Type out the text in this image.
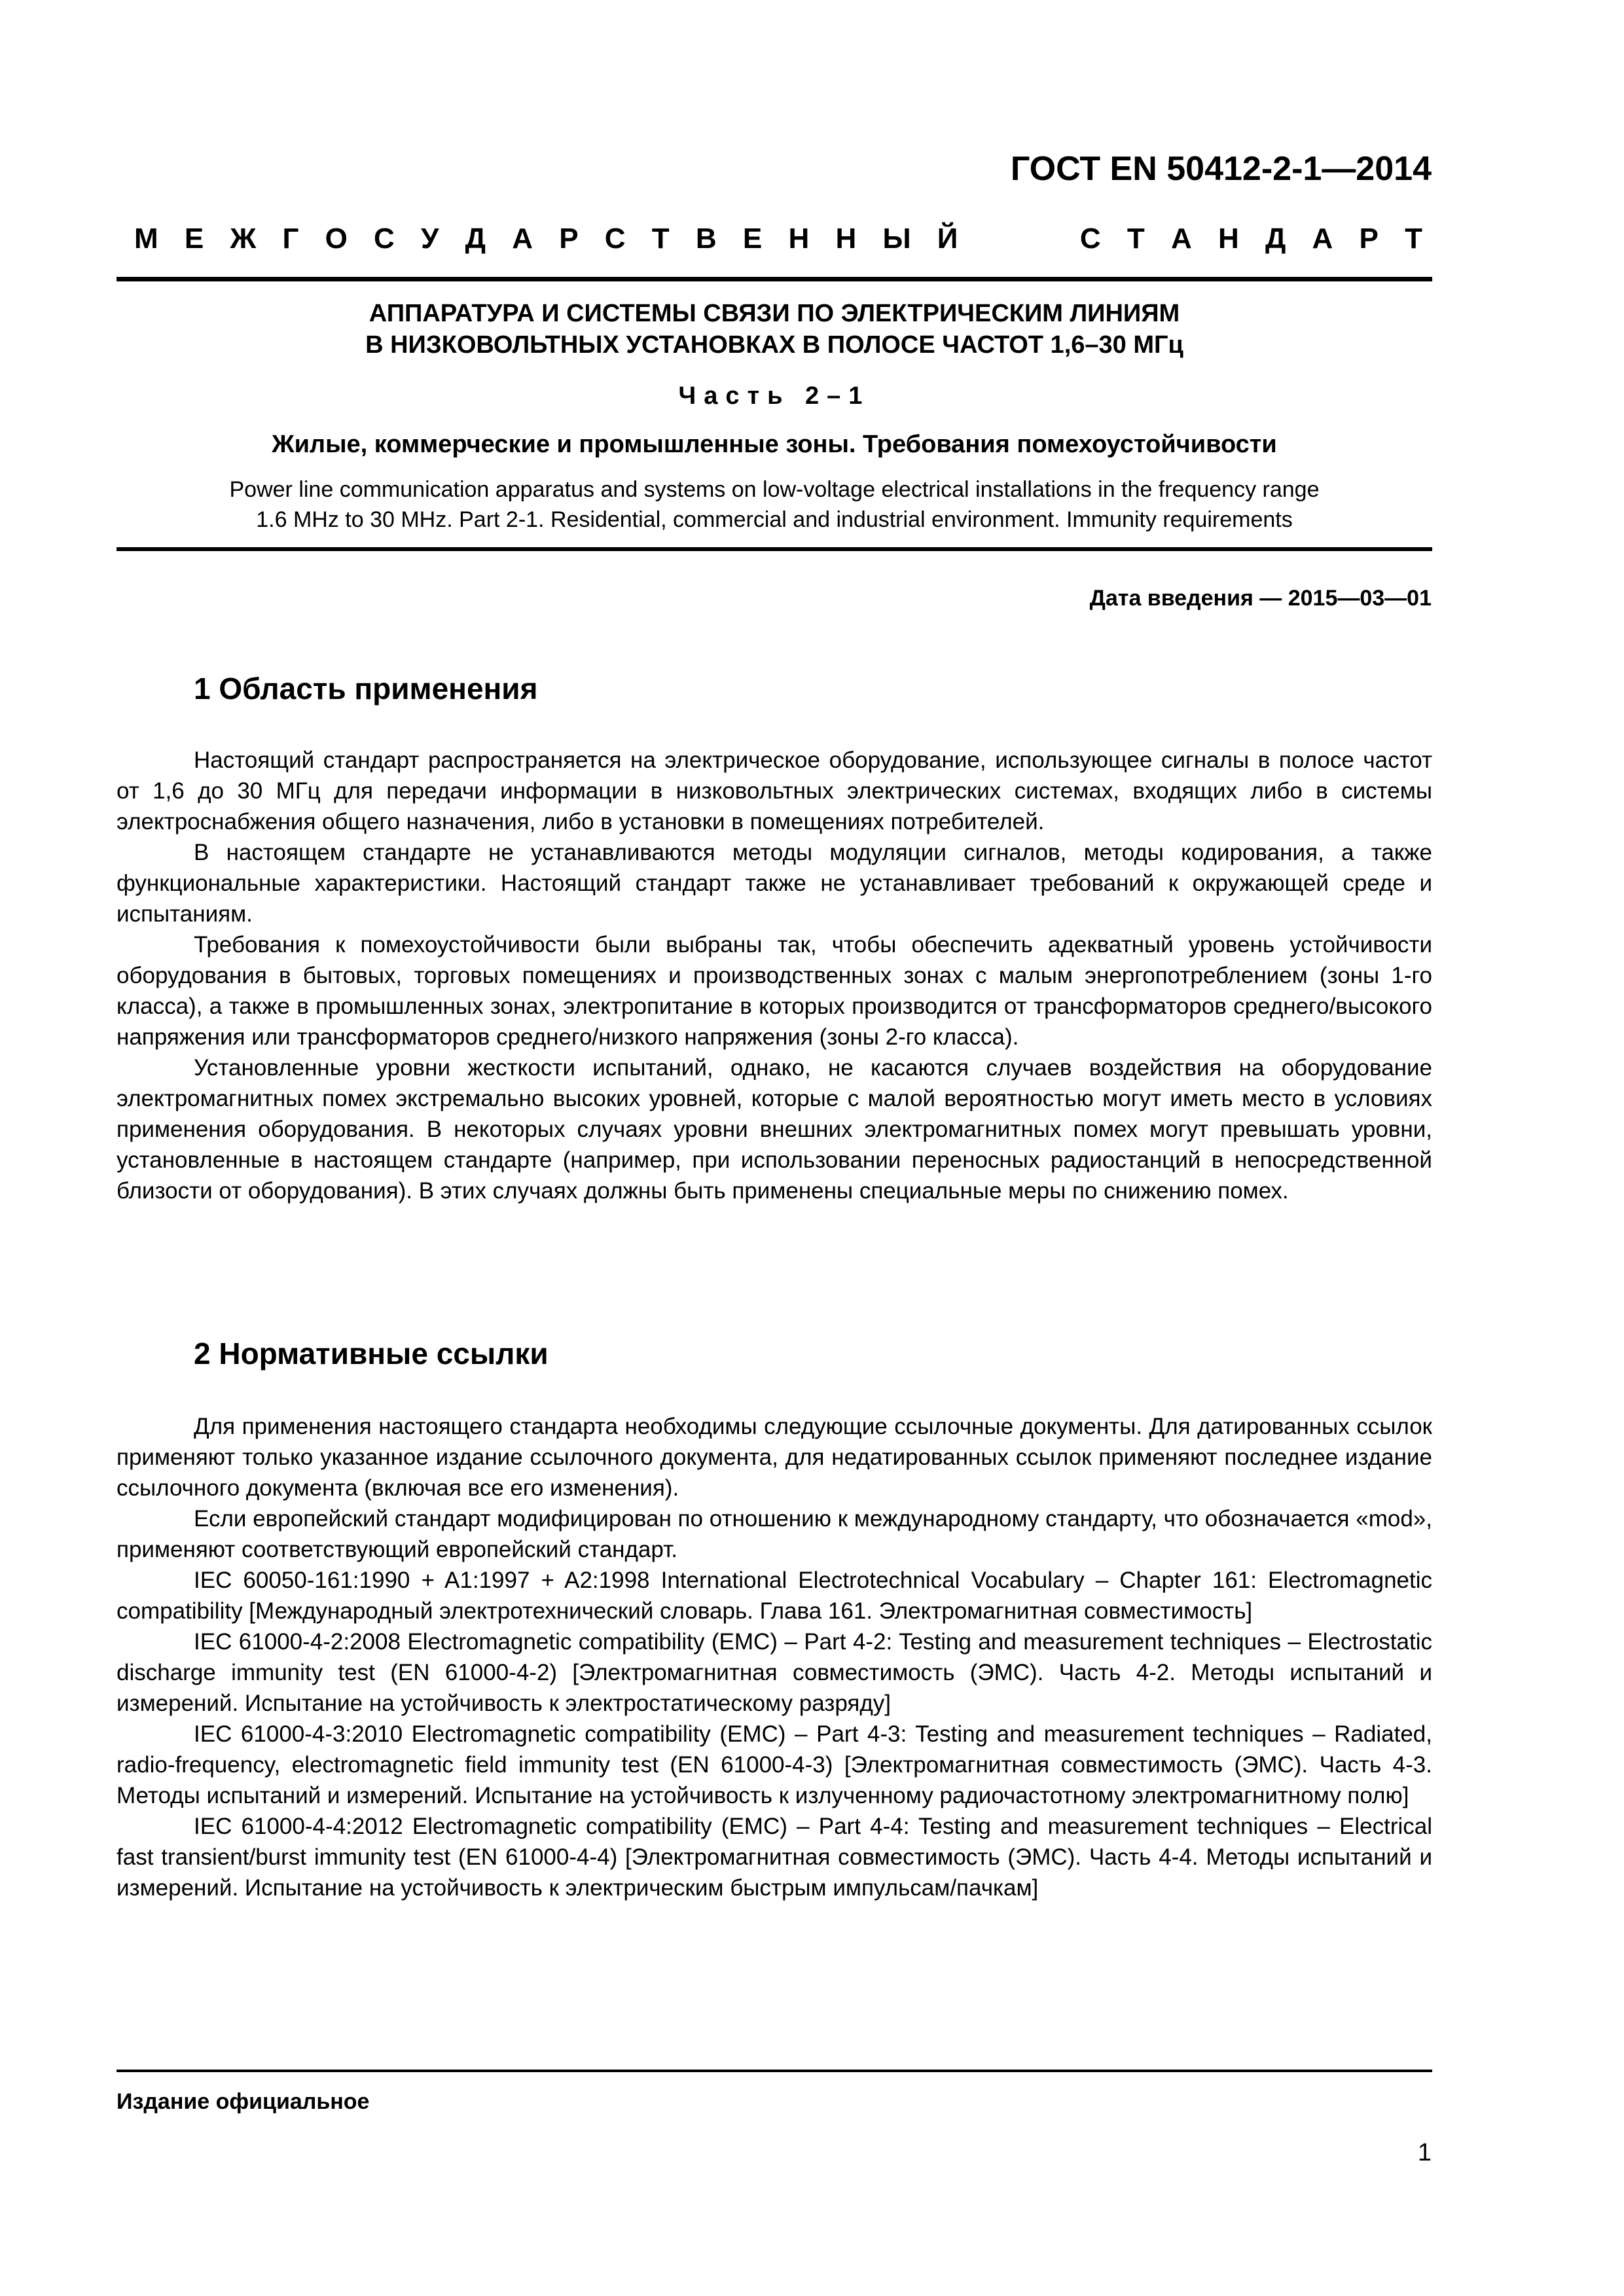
ГОСТ EN 50412-2-1—2014
М Е Ж Г О С У Д А Р С Т В Е Н Н Ы Й	С Т А Н Д А Р Т
АППАРАТУРА И СИСТЕМЫ СВЯЗИ ПО ЭЛЕКТРИЧЕСКИМ ЛИНИЯМ
В НИЗКОВОЛЬТНЫХ УСТАНОВКАХ В ПОЛОСЕ ЧАСТОТ 1,6–30 МГц
Часть 2–1
Жилые, коммерческие и промышленные зоны. Требования помехоустойчивости
Power line communication apparatus and systems on low-voltage electrical installations in the frequency range
1.6 MHz to 30 MHz. Part 2-1. Residential, commercial and industrial environment. Immunity requirements
Дата введения — 2015—03—01
1 Область применения

Настоящий стандарт распространяется на электрическое оборудование, использующее сигналы в полосе частот от 1,6 до 30 МГц для передачи информации в низковольтных электрических системах, входящих либо в системы электроснабжения общего назначения, либо в установки в помещениях потребителей.

В настоящем стандарте не устанавливаются методы модуляции сигналов, методы кодирования, а также функциональные характеристики. Настоящий стандарт также не устанавливает требований к окружающей среде и испытаниям.

Требования к помехоустойчивости были выбраны так, чтобы обеспечить адекватный уровень устойчивости оборудования в бытовых, торговых помещениях и производственных зонах с малым энергопотреблением (зоны 1-го класса), а также в промышленных зонах, электропитание в которых производится от трансформаторов среднего/высокого напряжения или трансформаторов среднего/низкого напряжения (зоны 2-го класса).

Установленные уровни жесткости испытаний, однако, не касаются случаев воздействия на оборудование электромагнитных помех экстремально высоких уровней, которые с малой вероятностью могут иметь место в условиях применения оборудования. В некоторых случаях уровни внешних электромагнитных помех могут превышать уровни, установленные в настоящем стандарте (например, при использовании переносных радиостанций в непосредственной близости от оборудования). В этих случаях должны быть применены специальные меры по снижению помех.

2 Нормативные ссылки

Для применения настоящего стандарта необходимы следующие ссылочные документы. Для датированных ссылок применяют только указанное издание ссылочного документа, для недатированных ссылок применяют последнее издание ссылочного документа (включая все его изменения).

Если европейский стандарт модифицирован по отношению к международному стандарту, что обозначается «mod», применяют соответствующий европейский стандарт.

IEC 60050-161:1990 + A1:1997 + A2:1998 International Electrotechnical Vocabulary – Chapter 161: Electromagnetic compatibility [Международный электротехнический словарь. Глава 161. Электромагнитная совместимость]

IEC 61000-4-2:2008 Electromagnetic compatibility (EMC) – Part 4-2: Testing and measurement techniques – Electrostatic discharge immunity test (EN 61000-4-2) [Электромагнитная совместимость (ЭМС). Часть 4-2. Методы испытаний и измерений. Испытание на устойчивость к электростатическому разряду]

IEC 61000-4-3:2010 Electromagnetic compatibility (EMC) – Part 4-3: Testing and measurement techniques – Radiated, radio-frequency, electromagnetic field immunity test (EN 61000-4-3) [Электромагнитная совместимость (ЭМС). Часть 4-3. Методы испытаний и измерений. Испытание на устойчивость к излученному радиочастотному электромагнитному полю]

IEC 61000-4-4:2012 Electromagnetic compatibility (EMC) – Part 4-4: Testing and measurement techniques – Electrical fast transient/burst immunity test (EN 61000-4-4) [Электромагнитная совместимость (ЭМС). Часть 4-4. Методы испытаний и измерений. Испытание на устойчивость к электрическим быстрым импульсам/пачкам]

Издание официальное
1
